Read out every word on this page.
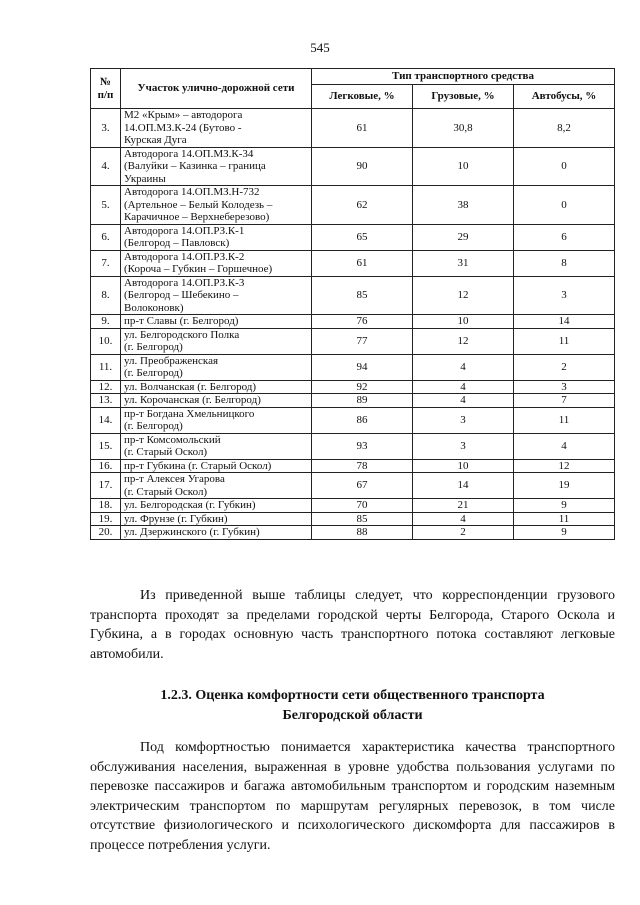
545
№ п/п	Участок улично-дорожной сети	Тип транспортного средства		
		Легковые, %	Грузовые, %	Автобусы, %
3.	М2 «Крым» – автодорога
14.ОП.МЗ.К-24 (Бутово -
Курская Дуга	61	30,8	8,2
4.	Автодорога 14.ОП.МЗ.К-34
(Валуйки – Казинка – граница
Украины	90	10	0
5.	Автодорога 14.ОП.МЗ.Н-732
(Артельное – Белый Колодезь –
Карачичное – Верхнеберезово)	62	38	0
6.	Автодорога 14.ОП.РЗ.К-1
(Белгород – Павловск)	65	29	6
7.	Автодорога 14.ОП.РЗ.К-2
(Короча – Губкин – Горшечное)	61	31	8
8.	Автодорога 14.ОП.РЗ.К-3
(Белгород – Шебекино –
Волоконовк)	85	12	3
9.	пр-т Славы (г. Белгород)	76	10	14
10.	ул. Белгородского Полка
(г. Белгород)	77	12	11
11.	ул. Преображенская
(г. Белгород)	94	4	2
12.	ул. Волчанская (г. Белгород)	92	4	3
13.	ул. Корочанская (г. Белгород)	89	4	7
14.	пр-т Богдана Хмельницкого
(г. Белгород)	86	3	11
15.	пр-т Комсомольский
(г. Старый Оскол)	93	3	4
16.	пр-т Губкина (г. Старый Оскол)	78	10	12
17.	пр-т Алексея Угарова
(г. Старый Оскол)	67	14	19
18.	ул. Белгородская (г. Губкин)	70	21	9
19.	ул. Фрунзе (г. Губкин)	85	4	11
20.	ул. Дзержинского (г. Губкин)	88	2	9

Из приведенной выше таблицы следует, что корреспонденции грузового транспорта проходят за пределами городской черты Белгорода, Старого Оскола и Губкина, а в городах основную часть транспортного потока составляют легковые автомобили.

1.2.3. Оценка комфортности сети общественного транспорта
Белгородской области

Под комфортностью понимается характеристика качества транспортного обслуживания населения, выраженная в уровне удобства пользования услугами по перевозке пассажиров и багажа автомобильным транспортом и городским наземным электрическим транспортом по маршрутам регулярных перевозок, в том числе отсутствие физиологического и психологического дискомфорта для пассажиров в процессе потребления услуги.
